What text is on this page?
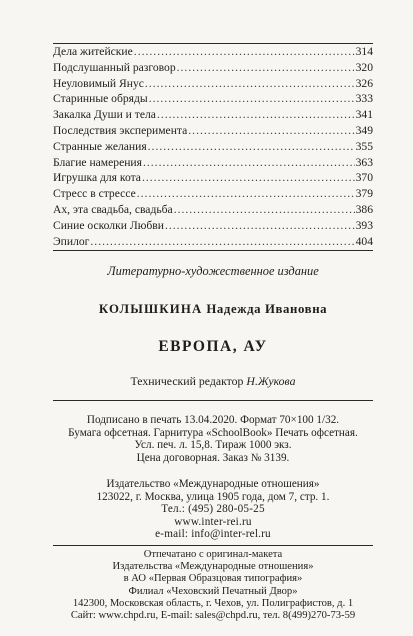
Дела житейские .....	314
Подслушанный разговор .....	320
Неуловимый Янус .....	326
Старинные обряды .....	333
Закалка Души и тела .....	341
Последствия эксперимента .....	349
Странные желания .....	355
Благие намерения .....	363
Игрушка для кота .....	370
Стресс в стрессе .....	379
Ах, эта свадьба, свадьба .....	386
Синие осколки Любви .....	393
Эпилог .....	404
Литературно-художественное издание
КОЛЫШКИНА Надежда Ивановна
ЕВРОПА, АУ
Технический редактор Н.Жукова
Подписано в печать 13.04.2020. Формат 70×100 1/32.
Бумага офсетная. Гарнитура «SchoolBook» Печать офсетная.
Усл. печ. л. 15,8. Тираж 1000 экз.
Цена договорная. Заказ № 3139.
Издательство «Международные отношения»
123022, г. Москва, улица 1905 года, дом 7, стр. 1.
Тел.: (495) 280-05-25
www.inter-rei.ru
e-mail: info@inter-rel.ru
Отпечатано с оригинал-макета
Издательства «Международные отношения»
в АО «Первая Образцовая типография»
Филиал «Чеховский Печатный Двор»
142300, Московская область, г. Чехов, ул. Полиграфистов, д. 1
Сайт: www.chpd.ru, E-mail: sales@chpd.ru, тел. 8(499)270-73-59
